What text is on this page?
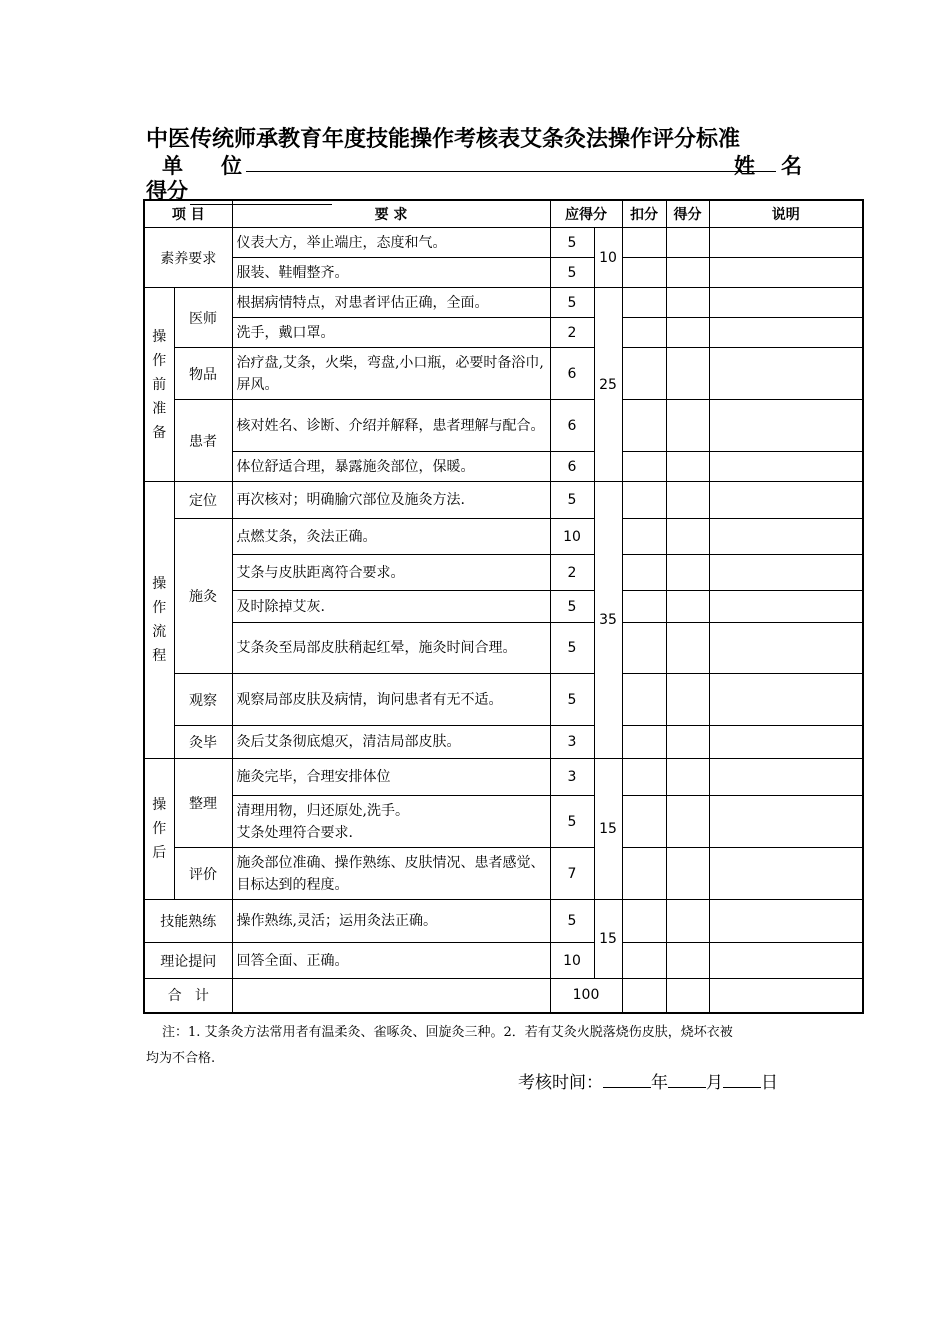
中医传统师承教育年度技能操作考核表艾条灸法操作评分标准
单位	姓名
得分
项 目		要 求	应得分		扣分	得分	说明
素养要求		仪表大方，举止端庄，态度和气。	5	10			
		服装、鞋帽整齐。	5				

操
作
前
准
备	医师	根据病情特点，对患者评估正确，全面。	5	25			
		洗手，戴口罩。	2				
	物品	治疗盘,艾条，火柴，弯盘,小口瓶，必要时备浴巾,屏风。	6				
	患者	核对姓名、诊断、介绍并解释，患者理解与配合。	6				
		体位舒适合理，暴露施灸部位，保暖。	6				

操
作
流
程	定位	再次核对；明确腧穴部位及施灸方法.	5	35			
	施灸	点燃艾条，灸法正确。	10				
		艾条与皮肤距离符合要求。	2				
		及时除掉艾灰.	5				
		艾条灸至局部皮肤稍起红晕，施灸时间合理。	5				
	观察	观察局部皮肤及病情，询问患者有无不适。	5				
	灸毕	灸后艾条彻底熄灭，清洁局部皮肤。	3				

操
作
后	整理	施灸完毕，合理安排体位	3	15			

		清理用物，归还原处,洗手。
艾条处理符合要求.	5				
	评价	施灸部位准确、操作熟练、皮肤情况、患者感觉、目标达到的程度。	7				
技能熟练		操作熟练,灵活；运用灸法正确。	5	15			
理论提问		回答全面、正确。	10				
合   计			100				
注：1. 艾条灸方法常用者有温柔灸、雀啄灸、回旋灸三种。2．若有艾灸火脱落烧伤皮肤，烧坏衣被
均为不合格.
考核时间：	年 月 日
